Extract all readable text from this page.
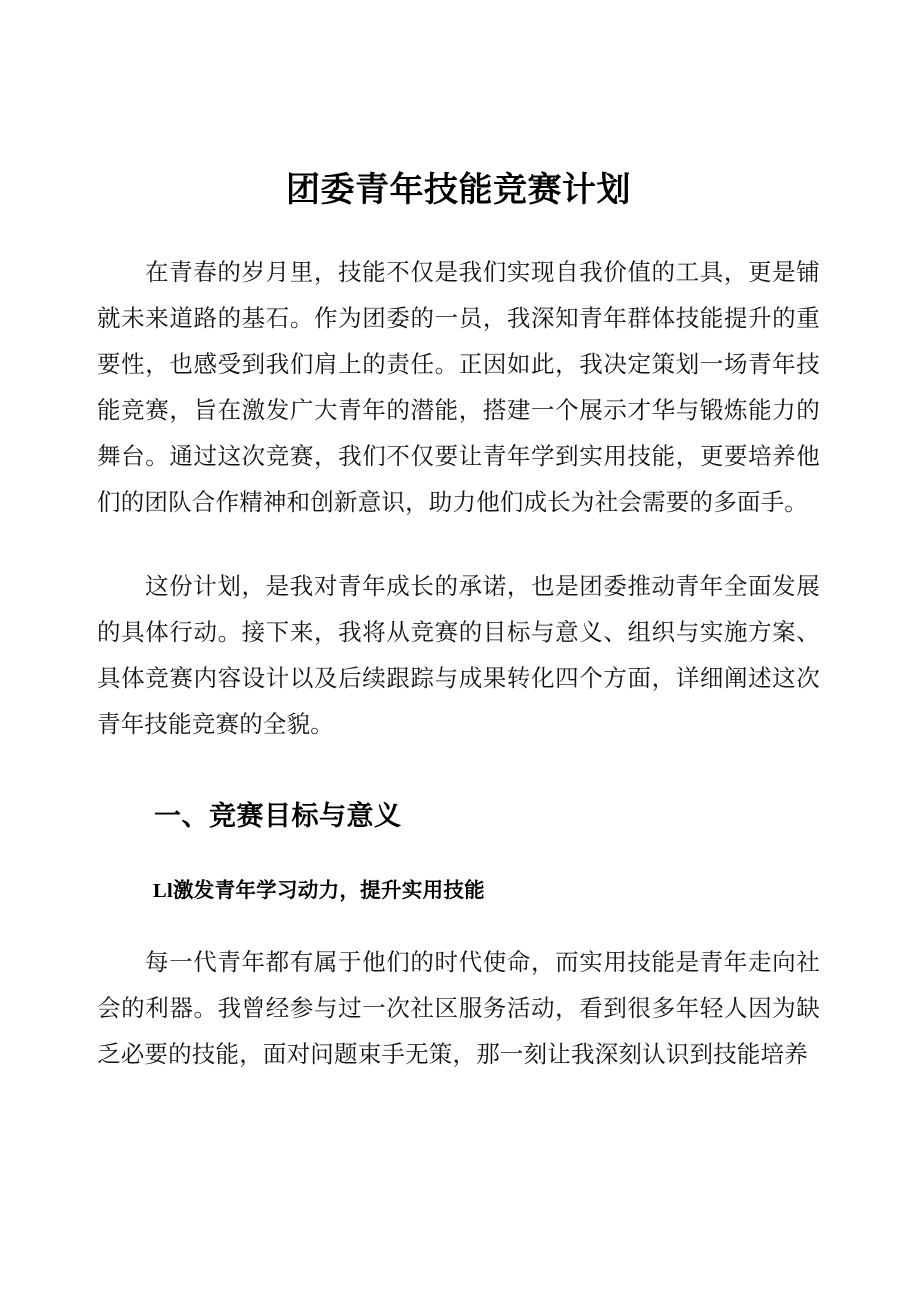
团委青年技能竞赛计划

在青春的岁月里，技能不仅是我们实现自我价值的工具，更是铺就未来道路的基石。作为团委的一员，我深知青年群体技能提升的重要性，也感受到我们肩上的责任。正因如此，我决定策划一场青年技能竞赛，旨在激发广大青年的潜能，搭建一个展示才华与锻炼能力的舞台。通过这次竞赛，我们不仅要让青年学到实用技能，更要培养他们的团队合作精神和创新意识，助力他们成长为社会需要的多面手。

这份计划，是我对青年成长的承诺，也是团委推动青年全面发展的具体行动。接下来，我将从竞赛的目标与意义、组织与实施方案、具体竞赛内容设计以及后续跟踪与成果转化四个方面，详细阐述这次青年技能竞赛的全貌。

一、竞赛目标与意义
Ll激发青年学习动力，提升实用技能

每一代青年都有属于他们的时代使命，而实用技能是青年走向社会的利器。我曾经参与过一次社区服务活动，看到很多年轻人因为缺乏必要的技能，面对问题束手无策，那一刻让我深刻认识到技能培养
